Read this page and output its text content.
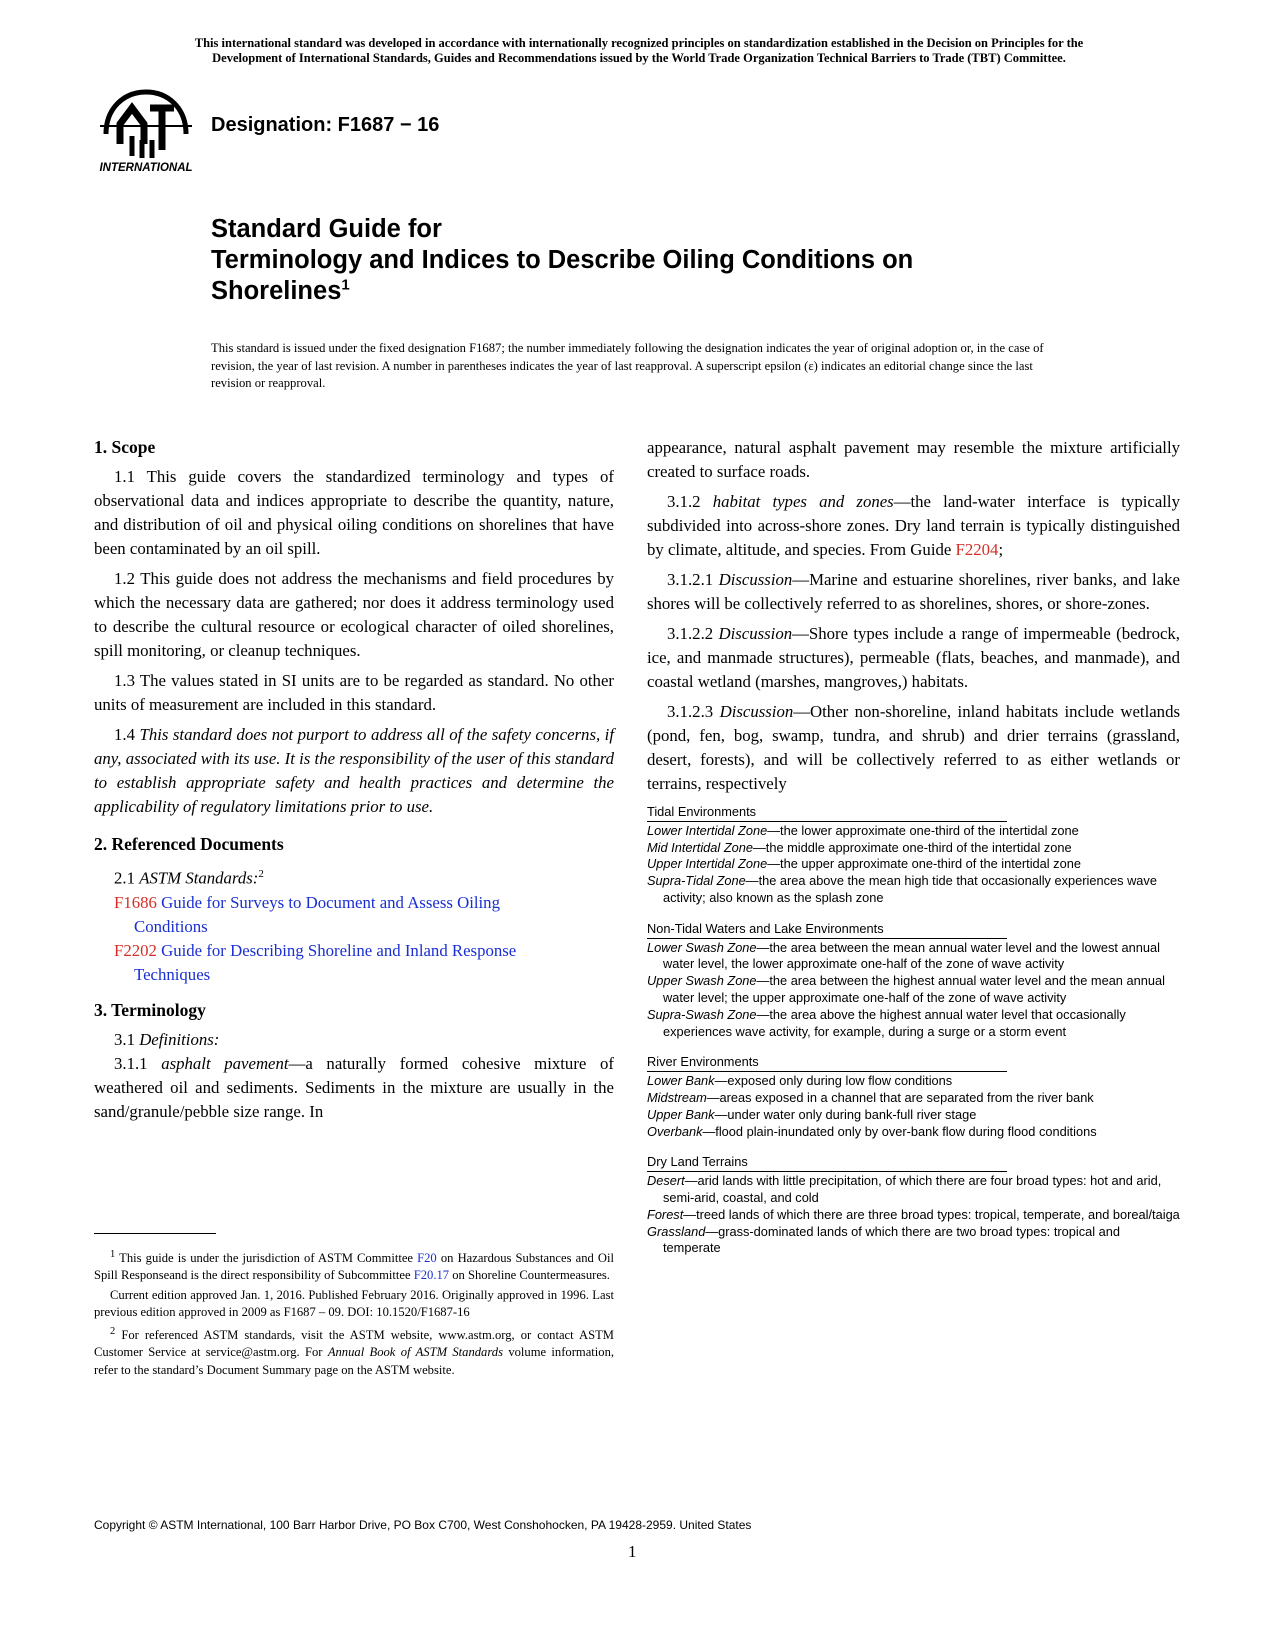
This international standard was developed in accordance with internationally recognized principles on standardization established in the Decision on Principles for the
Development of International Standards, Guides and Recommendations issued by the World Trade Organization Technical Barriers to Trade (TBT) Committee.
INTERNATIONAL
Designation: F1687 − 16
Standard Guide for
Terminology and Indices to Describe Oiling Conditions on
Shorelines$^1$
This standard is issued under the fixed designation F1687; the number immediately following the designation indicates the year of original adoption or, in the case of revision, the year of last revision. A number in parentheses indicates the year of last reapproval. A superscript epsilon (ε) indicates an editorial change since the last revision or reapproval.
1. Scope

1.1 This guide covers the standardized terminology and types of observational data and indices appropriate to describe the quantity, nature, and distribution of oil and physical oiling conditions on shorelines that have been contaminated by an oil spill.

1.2 This guide does not address the mechanisms and field procedures by which the necessary data are gathered; nor does it address terminology used to describe the cultural resource or ecological character of oiled shorelines, spill monitoring, or cleanup techniques.

1.3 The values stated in SI units are to be regarded as standard. No other units of measurement are included in this standard.

1.4 This standard does not purport to address all of the safety concerns, if any, associated with its use. It is the responsibility of the user of this standard to establish appropriate safety and health practices and determine the applicability of regulatory limitations prior to use.

2. Referenced Documents

2.1 ASTM Standards:$^2$

F1686 Guide for Surveys to Document and Assess Oiling
Conditions

F2202 Guide for Describing Shoreline and Inland Response
Techniques

3. Terminology

3.1 Definitions:

3.1.1 asphalt pavement—a naturally formed cohesive mixture of weathered oil and sediments. Sediments in the mixture are usually in the sand/granule/pebble size range. In

appearance, natural asphalt pavement may resemble the mixture artificially created to surface roads.

3.1.2 habitat types and zones—the land-water interface is typically subdivided into across-shore zones. Dry land terrain is typically distinguished by climate, altitude, and species. From Guide F2204;

3.1.2.1 Discussion—Marine and estuarine shorelines, river banks, and lake shores will be collectively referred to as shorelines, shores, or shore-zones.

3.1.2.2 Discussion—Shore types include a range of impermeable (bedrock, ice, and manmade structures), permeable (flats, beaches, and manmade), and coastal wetland (marshes, mangroves,) habitats.

3.1.2.3 Discussion—Other non-shoreline, inland habitats include wetlands (pond, fen, bog, swamp, tundra, and shrub) and drier terrains (grassland, desert, forests), and will be collectively referred to as either wetlands or terrains, respectively

Tidal Environments
Lower Intertidal Zone—the lower approximate one-third of the intertidal zone
Mid Intertidal Zone—the middle approximate one-third of the intertidal zone
Upper Intertidal Zone—the upper approximate one-third of the intertidal zone
Supra-Tidal Zone—the area above the mean high tide that occasionally experiences wave activity; also known as the splash zone
Non-Tidal Waters and Lake Environments
Lower Swash Zone—the area between the mean annual water level and the lowest annual water level, the lower approximate one-half of the zone of wave activity
Upper Swash Zone—the area between the highest annual water level and the mean annual water level; the upper approximate one-half of the zone of wave activity
Supra-Swash Zone—the area above the highest annual water level that occasionally experiences wave activity, for example, during a surge or a storm event
River Environments
Lower Bank—exposed only during low flow conditions
Midstream—areas exposed in a channel that are separated from the river bank
Upper Bank—under water only during bank-full river stage
Overbank—flood plain-inundated only by over-bank flow during flood conditions
Dry Land Terrains
Desert—arid lands with little precipitation, of which there are four broad types: hot and arid, semi-arid, coastal, and cold
Forest—treed lands of which there are three broad types: tropical, temperate, and boreal/taiga
Grassland—grass-dominated lands of which there are two broad types: tropical and temperate

$^1$ This guide is under the jurisdiction of ASTM Committee F20 on Hazardous Substances and Oil Spill Responseand is the direct responsibility of Subcommittee F20.17 on Shoreline Countermeasures.

Current edition approved Jan. 1, 2016. Published February 2016. Originally approved in 1996. Last previous edition approved in 2009 as F1687 – 09. DOI: 10.1520/F1687-16

$^2$ For referenced ASTM standards, visit the ASTM website, www.astm.org, or contact ASTM Customer Service at service@astm.org. For Annual Book of ASTM Standards volume information, refer to the standard’s Document Summary page on the ASTM website.

Copyright © ASTM International, 100 Barr Harbor Drive, PO Box C700, West Conshohocken, PA 19428-2959. United States
1
